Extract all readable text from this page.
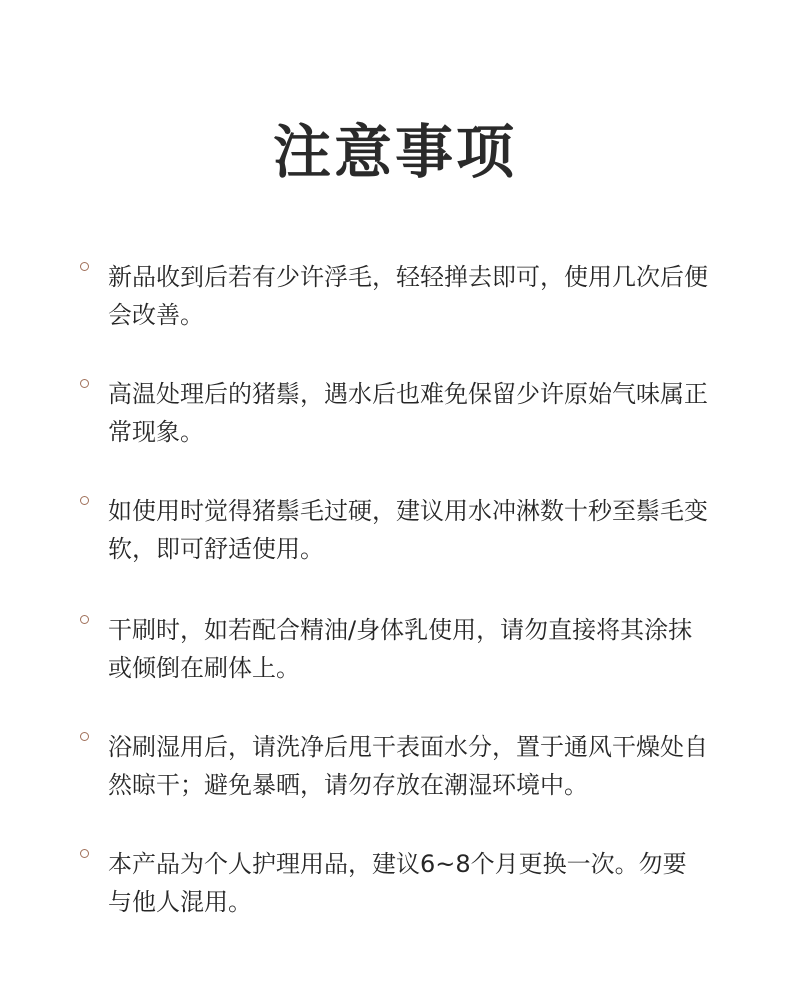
注意事项
新品收到后若有少许浮毛，轻轻掸去即可，使用几次后便会改善。
高温处理后的猪鬃，遇水后也难免保留少许原始气味属正常现象。
如使用时觉得猪鬃毛过硬，建议用水冲淋数十秒至鬃毛变软，即可舒适使用。
干刷时，如若配合精油/身体乳使用，请勿直接将其涂抹或倾倒在刷体上。
浴刷湿用后，请洗净后甩干表面水分，置于通风干燥处自然晾干；避免暴晒，请勿存放在潮湿环境中。
本产品为个人护理用品，建议6~8个月更换一次。勿要与他人混用。
